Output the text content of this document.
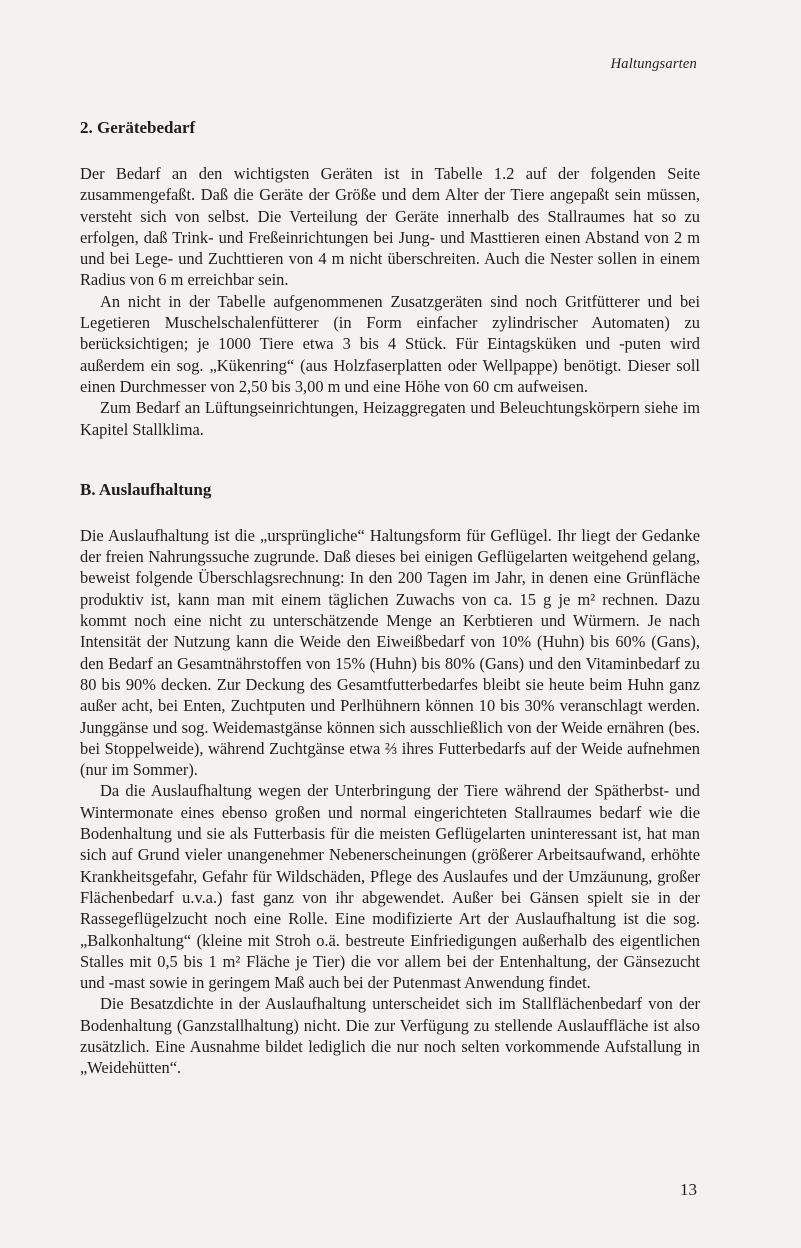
Haltungsarten
2. Gerätebedarf

Der Bedarf an den wichtigsten Geräten ist in Tabelle 1.2 auf der folgenden Seite zusammengefaßt. Daß die Geräte der Größe und dem Alter der Tiere angepaßt sein müssen, versteht sich von selbst. Die Verteilung der Geräte innerhalb des Stallraumes hat so zu erfolgen, daß Trink- und Freßeinrichtungen bei Jung- und Masttieren einen Abstand von 2 m und bei Lege- und Zuchttieren von 4 m nicht überschreiten. Auch die Nester sollen in einem Radius von 6 m erreichbar sein.

An nicht in der Tabelle aufgenommenen Zusatzgeräten sind noch Gritfütterer und bei Legetieren Muschelschalenfütterer (in Form einfacher zylindrischer Automaten) zu berücksichtigen; je 1000 Tiere etwa 3 bis 4 Stück. Für Eintagsküken und -puten wird außerdem ein sog. „Kükenring“ (aus Holzfaserplatten oder Wellpappe) benötigt. Dieser soll einen Durchmesser von 2,50 bis 3,00 m und eine Höhe von 60 cm aufweisen.

Zum Bedarf an Lüftungseinrichtungen, Heizaggregaten und Beleuchtungskörpern siehe im Kapitel Stallklima.

B. Auslaufhaltung

Die Auslaufhaltung ist die „ursprüngliche“ Haltungsform für Geflügel. Ihr liegt der Gedanke der freien Nahrungssuche zugrunde. Daß dieses bei einigen Geflügelarten weitgehend gelang, beweist folgende Überschlagsrechnung: In den 200 Tagen im Jahr, in denen eine Grünfläche produktiv ist, kann man mit einem täglichen Zuwachs von ca. 15 g je m² rechnen. Dazu kommt noch eine nicht zu unterschätzende Menge an Kerbtieren und Würmern. Je nach Intensität der Nutzung kann die Weide den Eiweißbedarf von 10% (Huhn) bis 60% (Gans), den Bedarf an Gesamtnährstoffen von 15% (Huhn) bis 80% (Gans) und den Vitaminbedarf zu 80 bis 90% decken. Zur Deckung des Gesamtfutterbedarfes bleibt sie heute beim Huhn ganz außer acht, bei Enten, Zuchtputen und Perlhühnern können 10 bis 30% veranschlagt werden. Junggänse und sog. Weidemastgänse können sich ausschließlich von der Weide ernähren (bes. bei Stoppelweide), während Zuchtgänse etwa ⅔ ihres Futterbedarfs auf der Weide aufnehmen (nur im Sommer).

Da die Auslaufhaltung wegen der Unterbringung der Tiere während der Spätherbst- und Wintermonate eines ebenso großen und normal eingerichteten Stallraumes bedarf wie die Bodenhaltung und sie als Futterbasis für die meisten Geflügelarten uninteressant ist, hat man sich auf Grund vieler unangenehmer Nebenerscheinungen (größerer Arbeitsaufwand, erhöhte Krankheitsgefahr, Gefahr für Wildschäden, Pflege des Auslaufes und der Umzäunung, großer Flächenbedarf u.v.a.) fast ganz von ihr abgewendet. Außer bei Gänsen spielt sie in der Rassegeflügelzucht noch eine Rolle. Eine modifizierte Art der Auslaufhaltung ist die sog. „Balkonhaltung“ (kleine mit Stroh o.ä. bestreute Einfriedigungen außerhalb des eigentlichen Stalles mit 0,5 bis 1 m² Fläche je Tier) die vor allem bei der Entenhaltung, der Gänsezucht und -mast sowie in geringem Maß auch bei der Putenmast Anwendung findet.

Die Besatzdichte in der Auslaufhaltung unterscheidet sich im Stallflächenbedarf von der Bodenhaltung (Ganzstallhaltung) nicht. Die zur Verfügung zu stellende Auslauffläche ist also zusätzlich. Eine Ausnahme bildet lediglich die nur noch selten vorkommende Aufstallung in „Weidehütten“.

13
